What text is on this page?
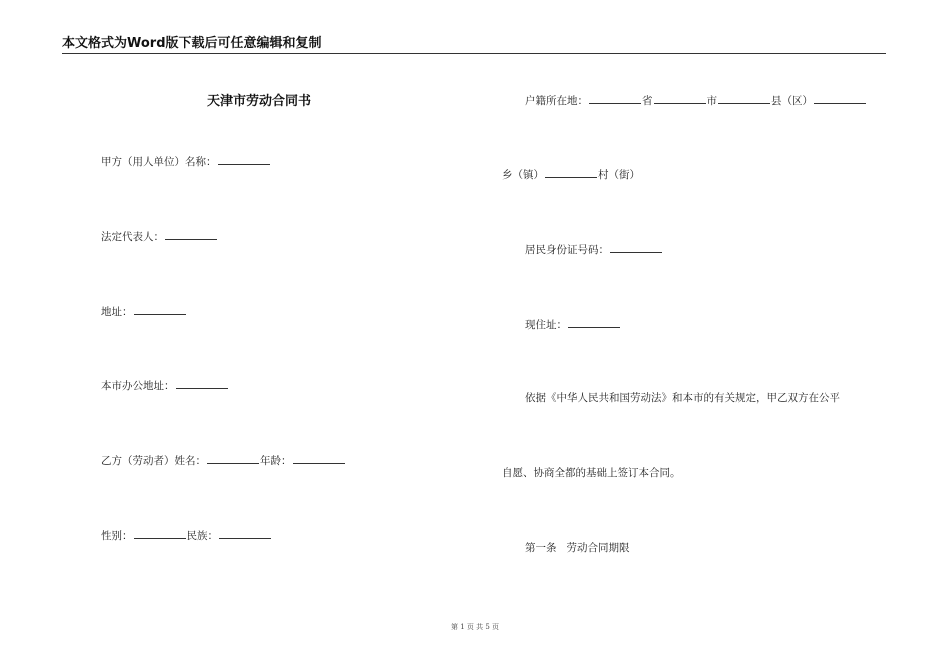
本文格式为Word版下载后可任意编辑和复制
天津市劳动合同书
甲方（用人单位）名称：
法定代表人：
地址：
本市办公地址：
乙方（劳动者）姓名：	年龄：
性别：	民族：
户籍所在地：	省	市	县（区）
乡（镇）	村（街）
居民身份证号码：
现住址：
依据《中华人民共和国劳动法》和本市的有关规定，甲乙双方在公平
自愿、协商全都的基础上签订本合同。
第一条   劳动合同期限
第 1 页 共 5 页
